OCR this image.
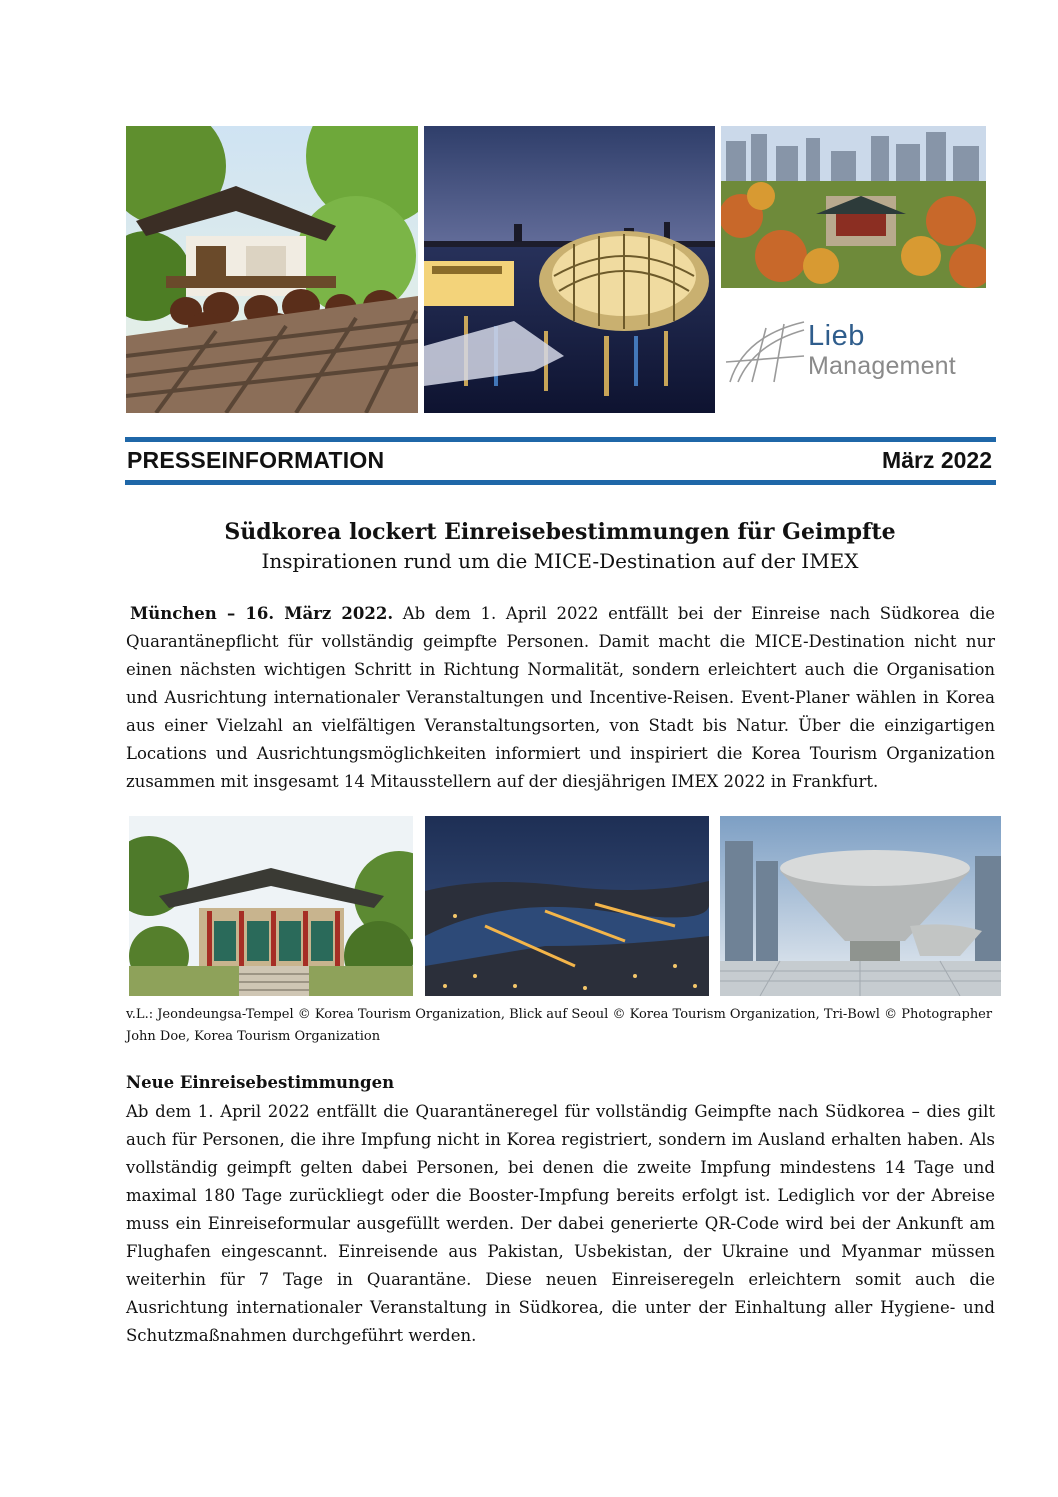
Lieb
Management
PRESSEINFORMATION	März 2022
Südkorea lockert Einreisebestimmungen für Geimpfte
Inspirationen rund um die MICE-Destination auf der IMEX

München – 16. März 2022. Ab dem 1. April 2022 entfällt bei der Einreise nach Südkorea die Quarantänepflicht für vollständig geimpfte Personen. Damit macht die MICE-Destination nicht nur einen nächsten wichtigen Schritt in Richtung Normalität, sondern erleichtert auch die Organisation und Ausrichtung internationaler Veranstaltungen und Incentive-Reisen. Event-Planer wählen in Korea aus einer Vielzahl an vielfältigen Veranstaltungsorten, von Stadt bis Natur. Über die einzigartigen Locations und Ausrichtungsmöglichkeiten informiert und inspiriert die Korea Tourism Organization zusammen mit insgesamt 14 Mitausstellern auf der diesjährigen IMEX 2022 in Frankfurt.

v.L.: Jeondeungsa-Tempel © Korea Tourism Organization, Blick auf Seoul © Korea Tourism Organization, Tri-Bowl © Photographer John Doe, Korea Tourism Organization
Neue Einreisebestimmungen

Ab dem 1. April 2022 entfällt die Quarantäneregel für vollständig Geimpfte nach Südkorea – dies gilt auch für Personen, die ihre Impfung nicht in Korea registriert, sondern im Ausland erhalten haben. Als vollständig geimpft gelten dabei Personen, bei denen die zweite Impfung mindestens 14 Tage und maximal 180 Tage zurückliegt oder die Booster-Impfung bereits erfolgt ist. Lediglich vor der Abreise muss ein Einreiseformular ausgefüllt werden. Der dabei generierte QR-Code wird bei der Ankunft am Flughafen eingescannt. Einreisende aus Pakistan, Usbekistan, der Ukraine und Myanmar müssen weiterhin für 7 Tage in Quarantäne. Diese neuen Einreiseregeln erleichtern somit auch die Ausrichtung internationaler Veranstaltung in Südkorea, die unter der Einhaltung aller Hygiene- und Schutzmaßnahmen durchgeführt werden.
